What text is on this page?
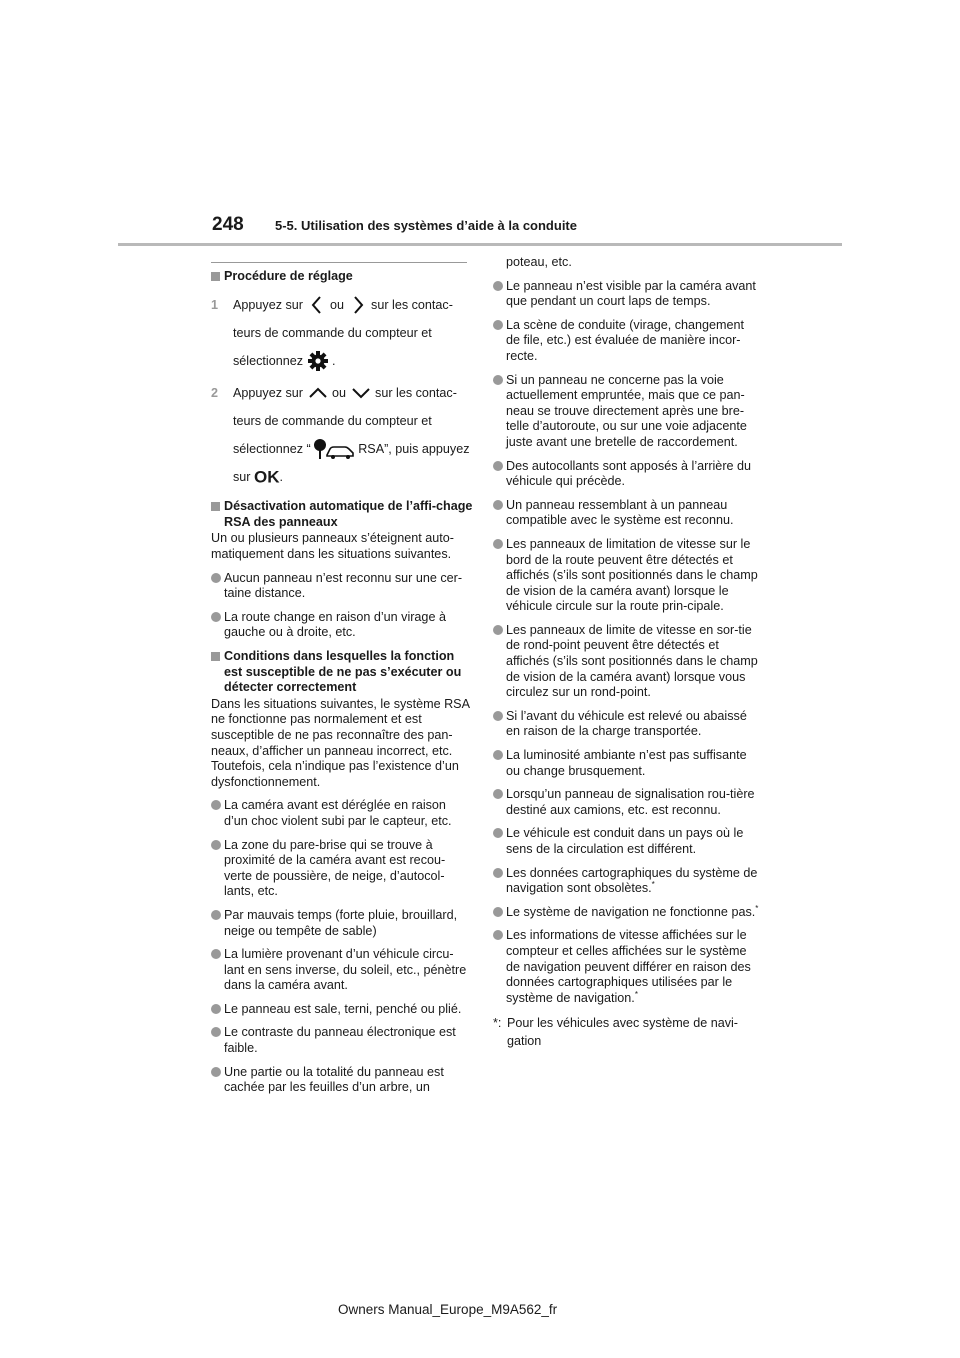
248 5-5. Utilisation des systèmes d’aide à la conduite
Procédure de réglage
1 Appuyez sur ou sur les contac-
teurs de commande du compteur et
sélectionnez .
2 Appuyez sur ou sur les contac-
teurs de commande du compteur et
sélectionnez “	RSA”, puis appuyez
sur OK.
Désactivation automatique de l’affi-chage RSA des panneaux
Un ou plusieurs panneaux s’éteignent auto-matiquement dans les situations suivantes.
Aucun panneau n’est reconnu sur une cer-taine distance.
La route change en raison d’un virage à gauche ou à droite, etc.
Conditions dans lesquelles la fonction est susceptible de ne pas s’exécuter ou détecter correctement
Dans les situations suivantes, le système RSA ne fonctionne pas normalement et est susceptible de ne pas reconnaître des pan-neaux, d’afficher un panneau incorrect, etc. Toutefois, cela n’indique pas l’existence d’un dysfonctionnement.
La caméra avant est déréglée en raison d’un choc violent subi par le capteur, etc.
La zone du pare-brise qui se trouve à proximité de la caméra avant est recou-verte de poussière, de neige, d’autocol-lants, etc.
Par mauvais temps (forte pluie, brouillard, neige ou tempête de sable)
La lumière provenant d’un véhicule circu-lant en sens inverse, du soleil, etc., pénètre dans la caméra avant.
Le panneau est sale, terni, penché ou plié.
Le contraste du panneau électronique est faible.
Une partie ou la totalité du panneau est cachée par les feuilles d’un arbre, un
poteau, etc.
Le panneau n’est visible par la caméra avant que pendant un court laps de temps.
La scène de conduite (virage, changement de file, etc.) est évaluée de manière incor-recte.
Si un panneau ne concerne pas la voie actuellement empruntée, mais que ce pan-neau se trouve directement après une bre-telle d’autoroute, ou sur une voie adjacente juste avant une bretelle de raccordement.
Des autocollants sont apposés à l’arrière du véhicule qui précède.
Un panneau ressemblant à un panneau compatible avec le système est reconnu.
Les panneaux de limitation de vitesse sur le bord de la route peuvent être détectés et affichés (s’ils sont positionnés dans le champ de vision de la caméra avant) lorsque le véhicule circule sur la route prin-cipale.
Les panneaux de limite de vitesse en sor-tie de rond-point peuvent être détectés et affichés (s’ils sont positionnés dans le champ de vision de la caméra avant) lorsque vous circulez sur un rond-point.
Si l’avant du véhicule est relevé ou abaissé en raison de la charge transportée.
La luminosité ambiante n’est pas suffisante ou change brusquement.
Lorsqu’un panneau de signalisation rou-tière destiné aux camions, etc. est reconnu.
Le véhicule est conduit dans un pays où le sens de la circulation est différent.
Les données cartographiques du système de navigation sont obsolètes.*
Le système de navigation ne fonctionne pas.*
Les informations de vitesse affichées sur le compteur et celles affichées sur le système de navigation peuvent différer en raison des données cartographiques utilisées par le système de navigation.*
*: Pour les véhicules avec système de navi-gation
Owners Manual_Europe_M9A562_fr
